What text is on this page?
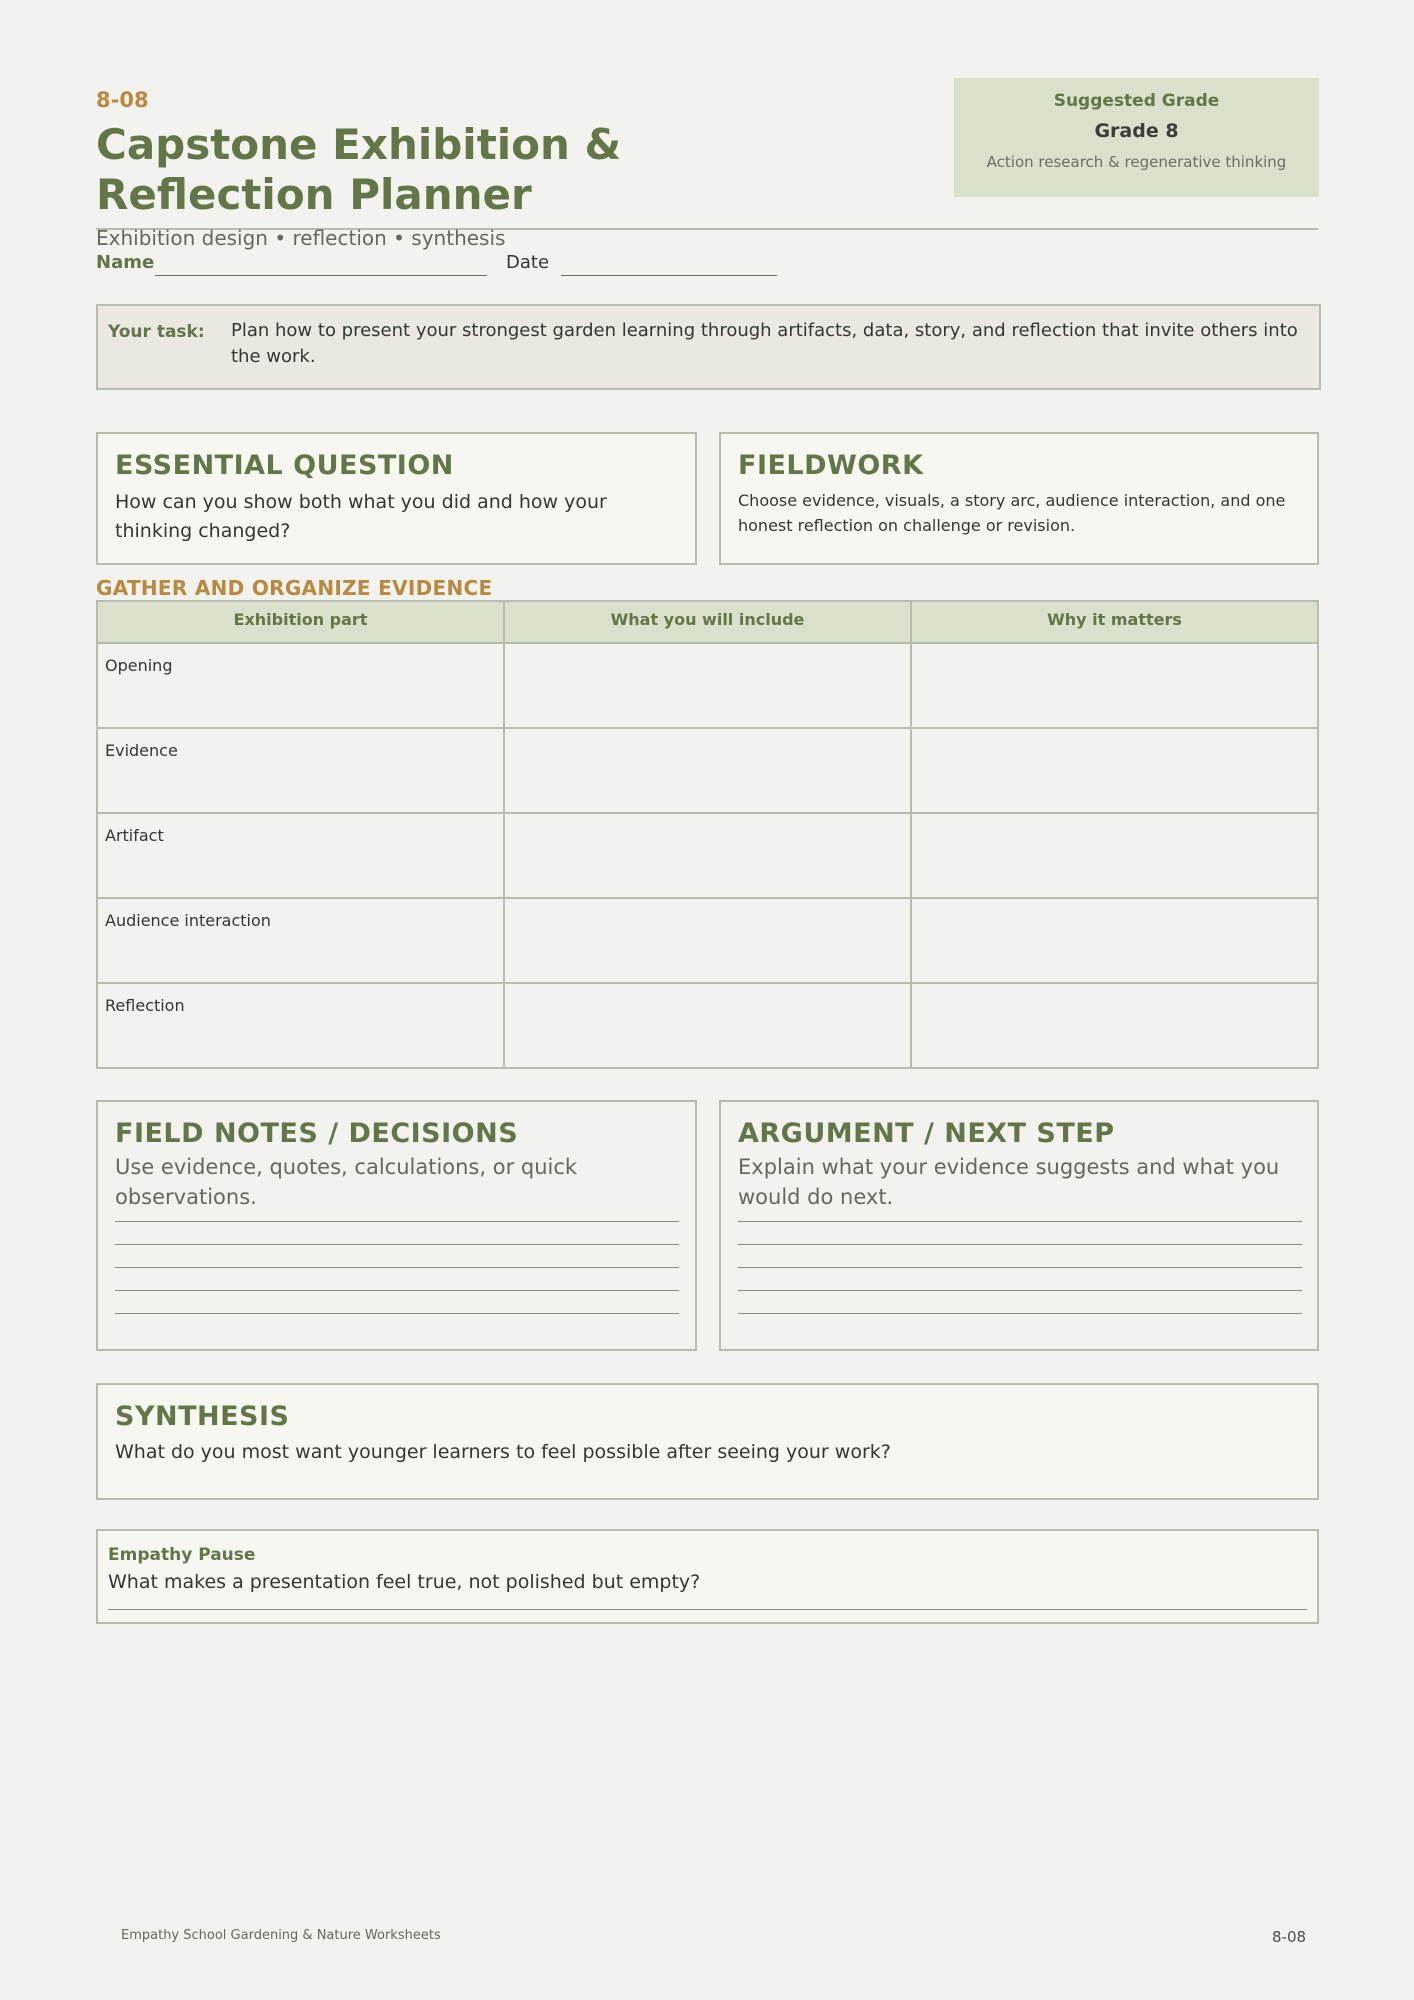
8-08
Capstone Exhibition & Reflection Planner
Exhibition design • reflection • synthesis
Name	Date
Suggested Grade
Grade 8
Action research & regenerative thinking
Your task: Plan how to present your strongest garden learning through artifacts, data, story, and reflection that invite others into the work.
ESSENTIAL QUESTION
How can you show both what you did and how your thinking changed?
FIELDWORK
Choose evidence, visuals, a story arc, audience interaction, and one honest reflection on challenge or revision.
GATHER AND ORGANIZE EVIDENCE
Exhibition part	What you will include	Why it matters
Opening		
Evidence		
Artifact		
Audience interaction		
Reflection		
FIELD NOTES / DECISIONS
Use evidence, quotes, calculations, or quick observations.
ARGUMENT / NEXT STEP
Explain what your evidence suggests and what you would do next.
SYNTHESIS
What do you most want younger learners to feel possible after seeing your work?
Empathy Pause
What makes a presentation feel true, not polished but empty?
Empathy School Gardening & Nature Worksheets	8-08
